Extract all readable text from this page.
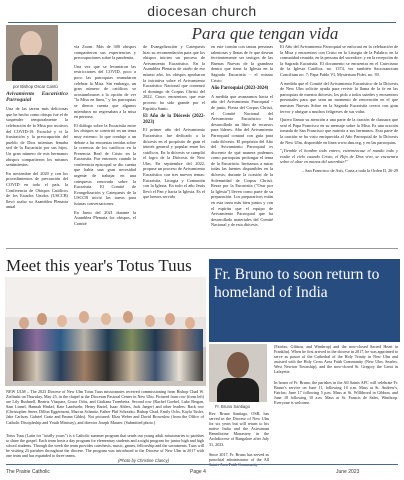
diocesan church
por Bishop Oscar Cantú
Para que tengan vida

Avivamiento Eucarístico Parroquial

Una de las tareas más deliciosas que he hecho como obispo fue el de suspender temporalmente la celebración de la Misa por motivos del COVID-19. Escuché y vi la frustración y la preocupación del pueblo de Dios mientras lemaba sed de la Eucaristía por sus hijos. Un gran número de mis hermanos obispos compartieron los mismos sentimientos.

En noviembre del 2020 y con los procedimientos de precaución del COVID en todo el país, la Conferencia de Obispos Católicos de los Estados Unidos (USCCB) llevó acabo su Asamblea Plenaria anual

vía Zoom. Más de 300 obispos compartieron sus experiencias y preocupaciones sobre la pandemia.

Una vez que se levantaron las restricciones del COVID, poco a poco las parroquias reanudaron celebrar la Misa. Sin embargo, un gran número de católicos se acostumbraron a la opción de ver "la Misa en línea," y las parroquias se dieron cuenta que algunos miembros no regresaban a la misa en persona.

El diálogo sobre la Eucaristía entre los obispos se convirtió en un tema muy extenso: lo que condujo a un debate a las encuestas tenidas sobre la creencia de los católicos en la Presencia Real de Cristo en la Eucaristía. Fue entonces cuando la conferencia episcopal se dio cuenta que había una gran necesidad urgente de trabajar en una catequesis renovada sobre la Eucaristía. El Comité de Evangelización y Catequesis de la USCCB inició las tareas para futuras conversaciones.

En Junio del 2021 durante la Asamblea Plenaria los obispos, el Comité

de Evangelización y Catequesis hizo su recomendación para que los obispos inicien un proceso de Avivamiento Eucarístico. En la Asamblea Plenaria de otoño de ese mismo año, los obispos aprobaron la iniciativa sobre el Avivamiento Eucarístico Nacional que comenzó el domingo de Corpus Christi del 2022. Cinco encuentros que este proceso ha sido grande por el Espíritu Santo.

El Año de la Diócesis (2022-2023)

El primer año del Avivamiento Eucarístico fue dedicado a la diócesis en el propósito de gran el interés general y popular entre los católicos. En la diócesis se cumplió el logro de la Diócesis de New Ulm. En septiembre del 2022, propuse un proceso de Avivamiento Eucarístico con tres nuevos temas: Eucaristía, Liturgia y Comunión con la Iglesia. En todo el año Jesús llevó el Pan y hacia la Iglesia. Es el que hemos servido

en este común con tantas personas talentosas y llenas de fe que desean fervientemente ser testigos de las Buenas Nuevas de la grandeza dentro que tiene la Iglesia en la Sagrada Eucaristía - el mismo Cristo.

Año Parroquial (2023-2024)

A medida que avanzamos hacia el año del Avivamiento Parroquial - de junio, Fiesta del Corpus Christi, el Comité Nacional del Avivamiento Eucarístico ha desarrollado un libro de recursos para líderes. Año del Avivamiento Parroquial contará con guía para cada diócesis. El propósito del Año del Avivamiento Parroquial es discernir de qué manera podemos como parroquias prolongar el tema de la Eucaristía. Invitamos a mirar todas las fuentes disponibles en la diócesis, durante la ocasión de la Solemnidad de Corpus Christi. Rezar por la Eucaristía ("Orar por la Iglesia") lleven como parte de su preparación. Los preparativos están en esta tarea más bien juntos y con el espíritu que el equipo de Avivamiento Parroquial que ha desarrollado materiales del Comité Nacional y de esta diócesis.

El Año del Avivamiento Parroquial se enfocará en la celebración de la Misa y encuentros con Cristo en la Liturgia de la Palabra; en la comunidad reunida, en la persona del sacerdote, y en la recepción de la Sagrada Eucaristía. El documento se encuentra en el Catecismo de la Iglesia Católica, no. 1374, vor también Sacrosanctum Concilium no. 7; Papa Pablo VI, Mysterium Fidei, no. 39.

A medida que el Comité del Avivamiento Eucarístico de la Diócesis de New Ulm solicite ayuda para revivir la llama de la fe en las parroquias de nuestra diócesis, los pido a todos ustedes y encuentros personales para que sean un momento de renovación en el que nuestras Nuevas Sobre en la Sagrada Eucaristía crezca con gran fervor y abrigue a muchos feligreses de sus vidas.

Quiero llamar su atención a una parte de la oración de clausura que será el Papa Francisco en su mensaje sobre la Misa. Es una oración tomada de San Francisco que nutriría a sus hermanos. Esta parte de la oración se ha visto enriquecida al Año Parroquial de la Diócesis de New Ulm, disponible en línea www.dnu.org, y en las parroquias.

"¡Tiemble el hombre todo entero, estremézcase el mundo todo y exulte el cielo cuando Cristo, el Hijo de Dios vivo, se encuentra sobre el altar en manos del sacerdote!"

– San Francisco de Asís, Carta a toda la Orden II, 26-29

Meet this year's Totus Tuus
NEW ULM – The 2023 Diocese of New Ulm Totus Tuus missionaries received commissioning from Bishop Chad W. Zielinski on Thursday, May 25, in the chapel at the Diocesan Pastoral Center in New Ulm. Pictured front row (from left) are Lily Bushnell, Beatriz Vázquez, Grace Ochs, and Giuliana Trombetta. Second row (Rachel Goebel, Luke Bergan, Sam Linnel, Hannah Hinkel, Kate Landwehr, Henry Bartel, Isaac Ahlers, Jack Jaeger) and other leaders. Back row (Christopher Sneer, Dillon Eggermont, Marcus Schmitz, Father Phil Schotzko, Bishop Chad, Emily Ochs, Kayla Tusler, Jake Carlson, Gabriel Gratz and Emma Gibbs). Not pictured: Eliza Weber and David Brownlow (from the Office of Catholic Discipleship and Youth Ministry), and director Joseph Maurer. (Submitted photo.)
Totus Tuus (Latin for "totally yours") is a Catholic summer program that sends out young adult missionaries to parishes to share the gospel. Each team hosts a day program for elementary students and a night program for junior high and high school students. Through the week the team provides catechesis, music, games, fellowship and the sacraments. Tuus will be visiting 23 parishes throughout the diocese. The program was introduced to the Diocese of New Ulm in 2017 with one team and has expanded to three teams.
(Photo by Christine Clancy)
Fr. Bruno to soon return to homeland of India
Fr. Bruno Santiago
Rev. Bruno Santiago, OSB, has served in the Diocese of New Ulm for six years but will return to his native India and the Asirvanam Benedictine Monastery in the Archdiocese of Bangalore after July 31, 2023.

Since 2017, Fr. Bruno has served as parochial administrator of the All Saints Area Faith Community
(Fairfax, Gibbon, and Winthrop) and the now-closed Sacred Heart in Franklin). When he first arrived in the diocese in 2017, he was appointed to serve as pastor of the Cathedral of the Holy Trinity in New Ulm and assisted with the Holy Cross Area Faith Community (New Ulm, Searles, West Newton Township), and the now-closed St. Gregory the Great in Lafayette.

In honor of Fr. Bruno, the parishes in the All Saints AFC will celebrate Fr. Bruno's service on June 11, following 10 a.m. Mass at St. Andrew's, Fairfax; June 17 following 5 p.m. Mass at St. Willibrord in Gibbon, and June 18 following 10 a.m. Mass at St. Francis de Sales, Winthrop. Everyone is welcome.
The Prairie Catholic	Page 4	June 2023
